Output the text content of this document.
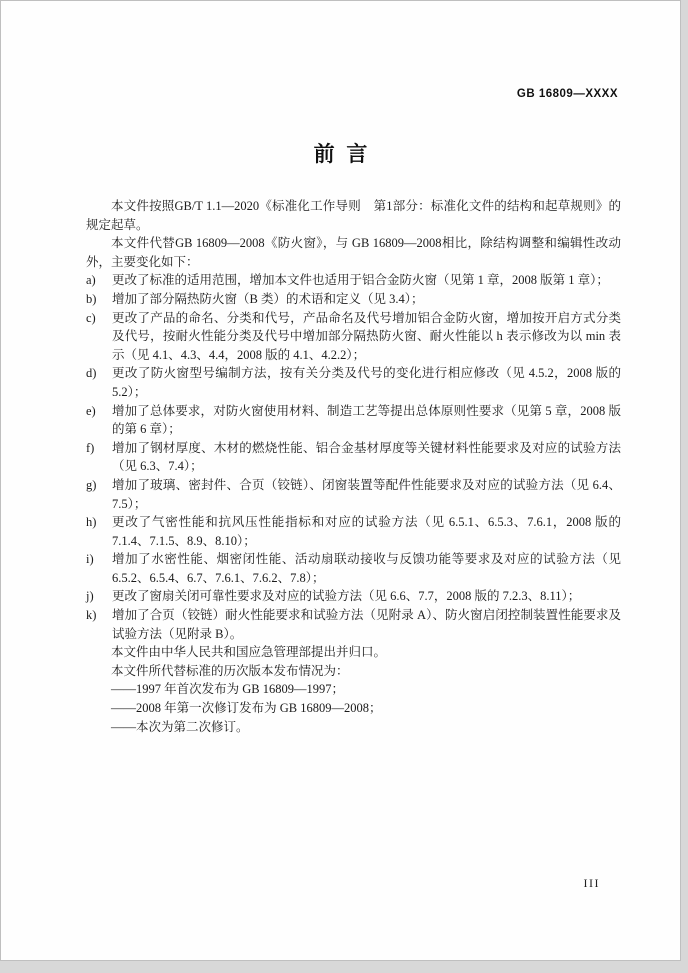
GB 16809—XXXX
前  言

本文件按照GB/T 1.1—2020《标准化工作导则　第1部分：标准化文件的结构和起草规则》的规定起草。

本文件代替GB 16809—2008《防火窗》，与 GB 16809—2008相比，除结构调整和编辑性改动外，主要变化如下：

a)	更改了标准的适用范围，增加本文件也适用于铝合金防火窗（见第 1 章，2008 版第 1 章）；
b)	增加了部分隔热防火窗（B 类）的术语和定义（见 3.4）；
c)	更改了产品的命名、分类和代号，产品命名及代号增加铝合金防火窗，增加按开启方式分类及代号，按耐火性能分类及代号中增加部分隔热防火窗、耐火性能以 h 表示修改为以 min 表示（见 4.1、4.3、4.4，2008 版的 4.1、4.2.2）；
d)	更改了防火窗型号编制方法，按有关分类及代号的变化进行相应修改（见 4.5.2，2008 版的 5.2）；
e)	增加了总体要求，对防火窗使用材料、制造工艺等提出总体原则性要求（见第 5 章，2008 版的第 6 章）；
f)	增加了钢材厚度、木材的燃烧性能、铝合金基材厚度等关键材料性能要求及对应的试验方法（见 6.3、7.4）；
g)	增加了玻璃、密封件、合页（铰链）、闭窗装置等配件性能要求及对应的试验方法（见 6.4、7.5）；
h)	更改了气密性能和抗风压性能指标和对应的试验方法（见 6.5.1、6.5.3、7.6.1，2008 版的 7.1.4、7.1.5、8.9、8.10）；
i)	增加了水密性能、烟密闭性能、活动扇联动接收与反馈功能等要求及对应的试验方法（见 6.5.2、6.5.4、6.7、7.6.1、7.6.2、7.8）；
j)	更改了窗扇关闭可靠性要求及对应的试验方法（见 6.6、7.7，2008 版的 7.2.3、8.11）；
k)	增加了合页（铰链）耐火性能要求和试验方法（见附录 A）、防火窗启闭控制装置性能要求及试验方法（见附录 B）。

本文件由中华人民共和国应急管理部提出并归口。

本文件所代替标准的历次版本发布情况为：

——1997 年首次发布为 GB 16809—1997；

——2008 年第一次修订发布为 GB 16809—2008；

——本次为第二次修订。

III
